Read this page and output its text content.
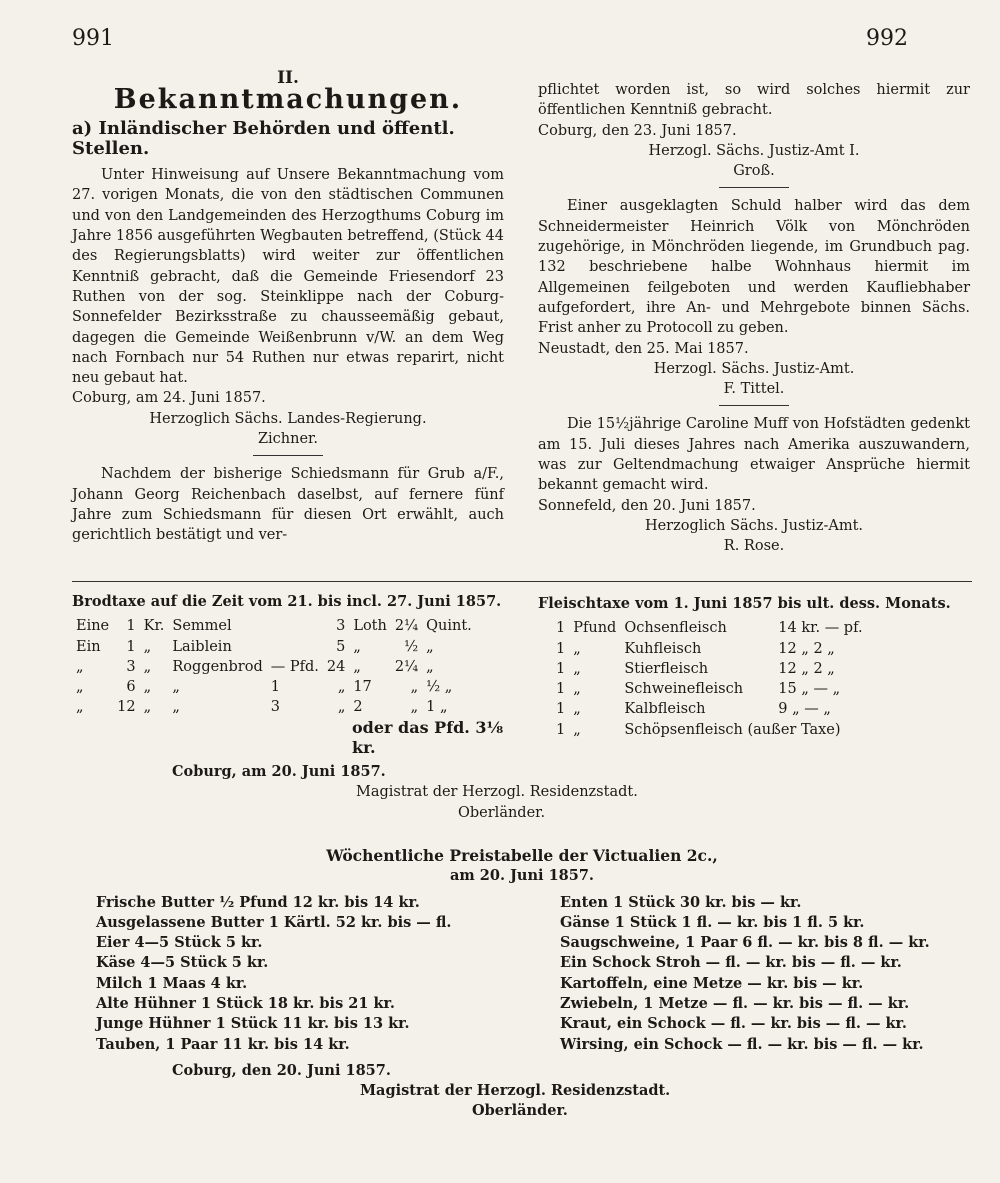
991	992
II.
Bekanntmachungen.
a) Inländischer Behörden und öffentl. Stellen.

Unter Hinweisung auf Unsere Bekanntmachung vom 27. vorigen Monats, die von den städtischen Communen und von den Landgemeinden des Herzogthums Coburg im Jahre 1856 ausgeführten Wegbauten betreffend, (Stück 44 des Regierungsblatts) wird weiter zur öffentlichen Kenntniß gebracht, daß die Gemeinde Friesendorf 23 Ruthen von der sog. Steinklippe nach der Coburg-Sonnefelder Bezirksstraße zu chausseemäßig gebaut, dagegen die Gemeinde Weißenbrunn v/W. an dem Weg nach Fornbach nur 54 Ruthen nur etwas reparirt, nicht neu gebaut hat.

Coburg, am 24. Juni 1857.

Herzoglich Sächs. Landes-Regierung.

Zichner.

Nachdem der bisherige Schiedsmann für Grub a/F., Johann Georg Reichenbach daselbst, auf fernere fünf Jahre zum Schiedsmann für diesen Ort erwählt, auch gerichtlich bestätigt und ver-

pflichtet worden ist, so wird solches hiermit zur öffentlichen Kenntniß gebracht.

Coburg, den 23. Juni 1857.

Herzogl. Sächs. Justiz-Amt I.

Groß.

Einer ausgeklagten Schuld halber wird das dem Schneidermeister Heinrich Völk von Mönchröden zugehörige, in Mönchröden liegende, im Grundbuch pag. 132 beschriebene halbe Wohnhaus hiermit im Allgemeinen feilgeboten und werden Kaufliebhaber aufgefordert, ihre An- und Mehrgebote binnen Sächs. Frist anher zu Protocoll zu geben.

Neustadt, den 25. Mai 1857.

Herzogl. Sächs. Justiz-Amt.

F. Tittel.

Die 15½jährige Caroline Muff von Hofstädten gedenkt am 15. Juli dieses Jahres nach Amerika auszuwandern, was zur Geltendmachung etwaiger Ansprüche hiermit bekannt gemacht wird.

Sonnefeld, den 20. Juni 1857.

Herzoglich Sächs. Justiz-Amt.

R. Rose.

Brodtaxe auf die Zeit vom 21. bis incl. 27. Juni 1857.
Eine	1	Kr.	Semmel		3	Loth	2¼	Quint.
Ein	1	„	Laiblein		5	„	½	„
„	3	„	Roggenbrod	— Pfd.	24	„	2¼	„
„	6	„	„	1	„	17	„	½ „
„	12	„	„	3	„	2	„	1 „
oder das Pfd. 3⅛ kr.
Fleischtaxe vom 1. Juni 1857 bis ult. dess. Monats.
1	Pfund	Ochsenfleisch	14 kr. — pf.	
1	„	Kuhfleisch	12 „ 2 „	
1	„	Stierfleisch	12 „ 2 „	
1	„	Schweinefleisch	15 „ — „	
1	„	Kalbfleisch	9 „ — „	
1	„	Schöpsenfleisch (außer Taxe)		
Coburg, am 20. Juni 1857.
Magistrat der Herzogl. Residenzstadt.
Oberländer.
Wöchentliche Preistabelle der Victualien 2c.,
am 20. Juni 1857.
Frische Butter ½ Pfund 12 kr. bis 14 kr.
Ausgelassene Butter 1 Kärtl. 52 kr. bis — fl.
Eier 4—5 Stück 5 kr.
Käse 4—5 Stück 5 kr.
Milch 1 Maas 4 kr.
Alte Hühner 1 Stück 18 kr. bis 21 kr.
Junge Hühner 1 Stück 11 kr. bis 13 kr.
Tauben, 1 Paar 11 kr. bis 14 kr.
Enten 1 Stück 30 kr. bis — kr.
Gänse 1 Stück 1 fl. — kr. bis 1 fl. 5 kr.
Saugschweine, 1 Paar 6 fl. — kr. bis 8 fl. — kr.
Ein Schock Stroh — fl. — kr. bis — fl. — kr.
Kartoffeln, eine Metze — kr. bis — kr.
Zwiebeln, 1 Metze — fl. — kr. bis — fl. — kr.
Kraut, ein Schock — fl. — kr. bis — fl. — kr.
Wirsing, ein Schock — fl. — kr. bis — fl. — kr.
Coburg, den 20. Juni 1857.
Magistrat der Herzogl. Residenzstadt.
Oberländer.
